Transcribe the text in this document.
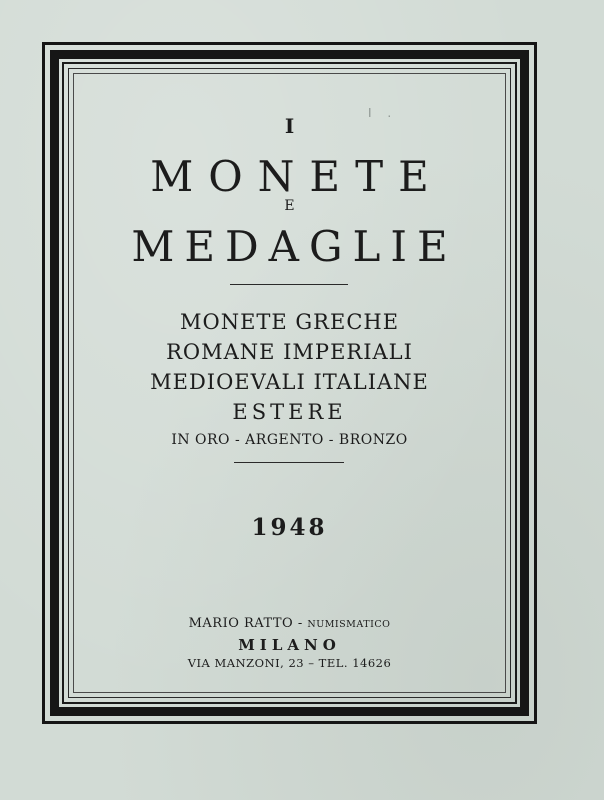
I .
I
MONETE
E
MEDAGLIE
MONETE GRECHE
ROMANE IMPERIALI
MEDIOEVALI ITALIANE
ESTERE
IN ORO - ARGENTO - BRONZO
1948
MARIO RATTO - NUMISMATICO
MILANO
VIA MANZONI, 23 – TEL. 14626
